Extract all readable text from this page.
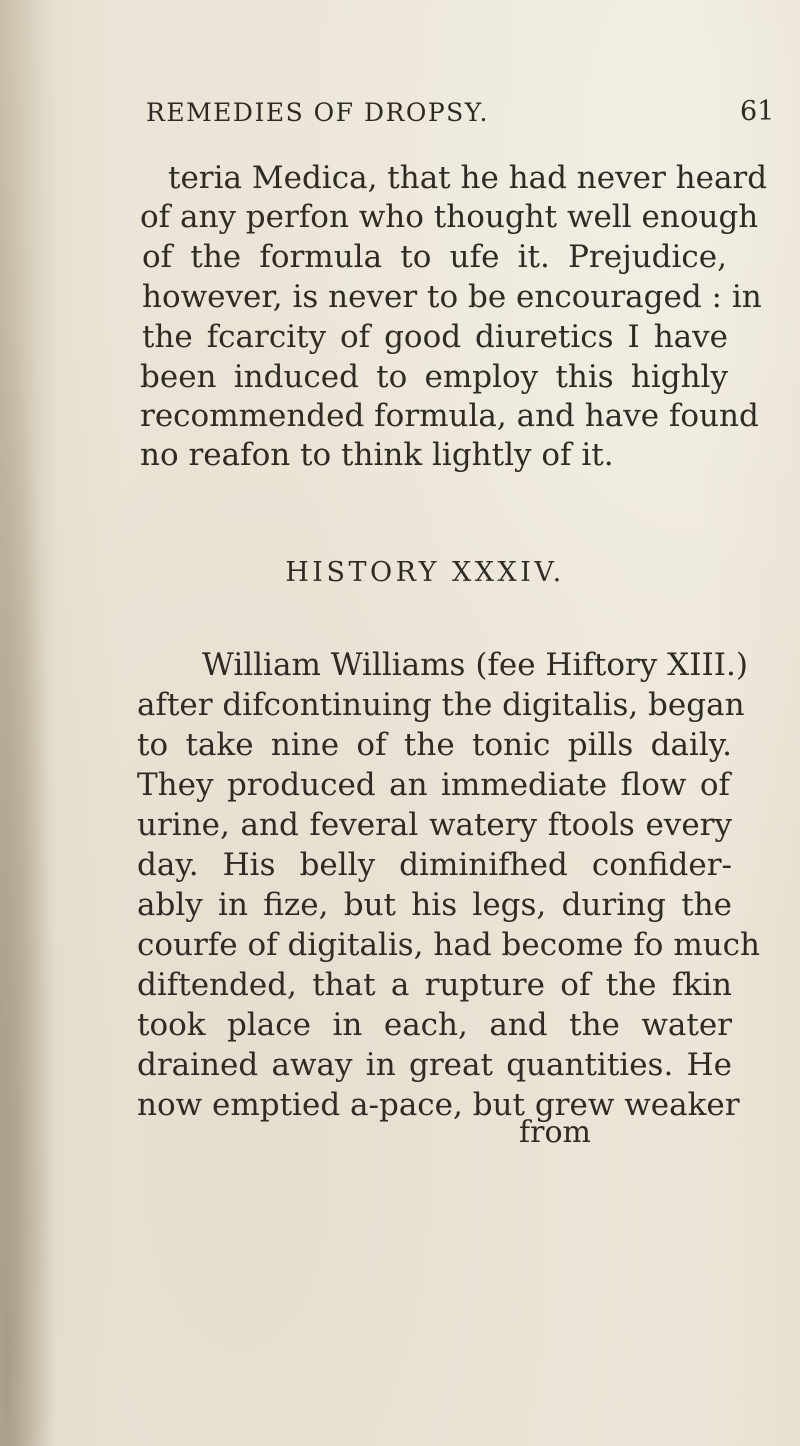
REMEDIES OF DROPSY.	61
teria Medica, that he had never heard
of any perfon who thought well enough
of the formula to ufe it. Prejudice,
however, is never to be encouraged : in
the fcarcity of good diuretics I have
been induced to employ this highly
recommended formula, and have found
no reafon to think lightly of it.
HISTORY XXXIV.
William Williams (fee Hiftory XIII.)
after difcontinuing the digitalis, began
to take nine of the tonic pills daily.
They produced an immediate flow of
urine, and feveral watery ftools every
day. His belly diminifhed confider-
ably in fize, but his legs, during the
courfe of digitalis, had become fo much
diftended, that a rupture of the fkin
took place in each, and the water
drained away in great quantities. He
now emptied a-pace, but grew weaker
from
